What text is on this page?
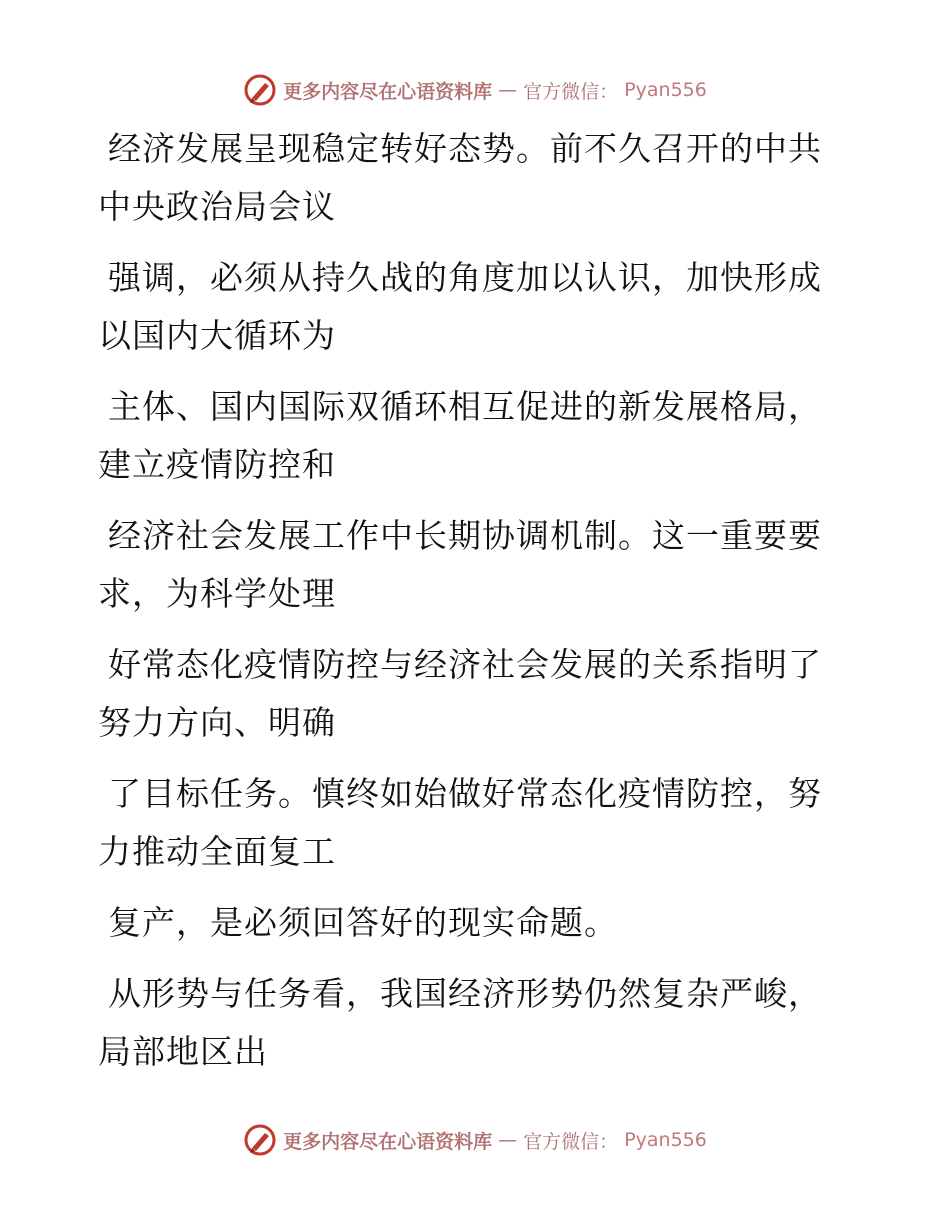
更多内容尽在心语资料库 — 官方微信： Pyan556

经济发展呈现稳定转好态势。前不久召开的中共
中央政治局会议

强调，必须从持久战的角度加以认识，加快形成
以国内大循环为

主体、国内国际双循环相互促进的新发展格局，
建立疫情防控和

经济社会发展工作中长期协调机制。这一重要要
求，为科学处理

好常态化疫情防控与经济社会发展的关系指明了
努力方向、明确

了目标任务。慎终如始做好常态化疫情防控，努
力推动全面复工

复产，是必须回答好的现实命题。

从形势与任务看，我国经济形势仍然复杂严峻，
局部地区出

更多内容尽在心语资料库 — 官方微信： Pyan556
